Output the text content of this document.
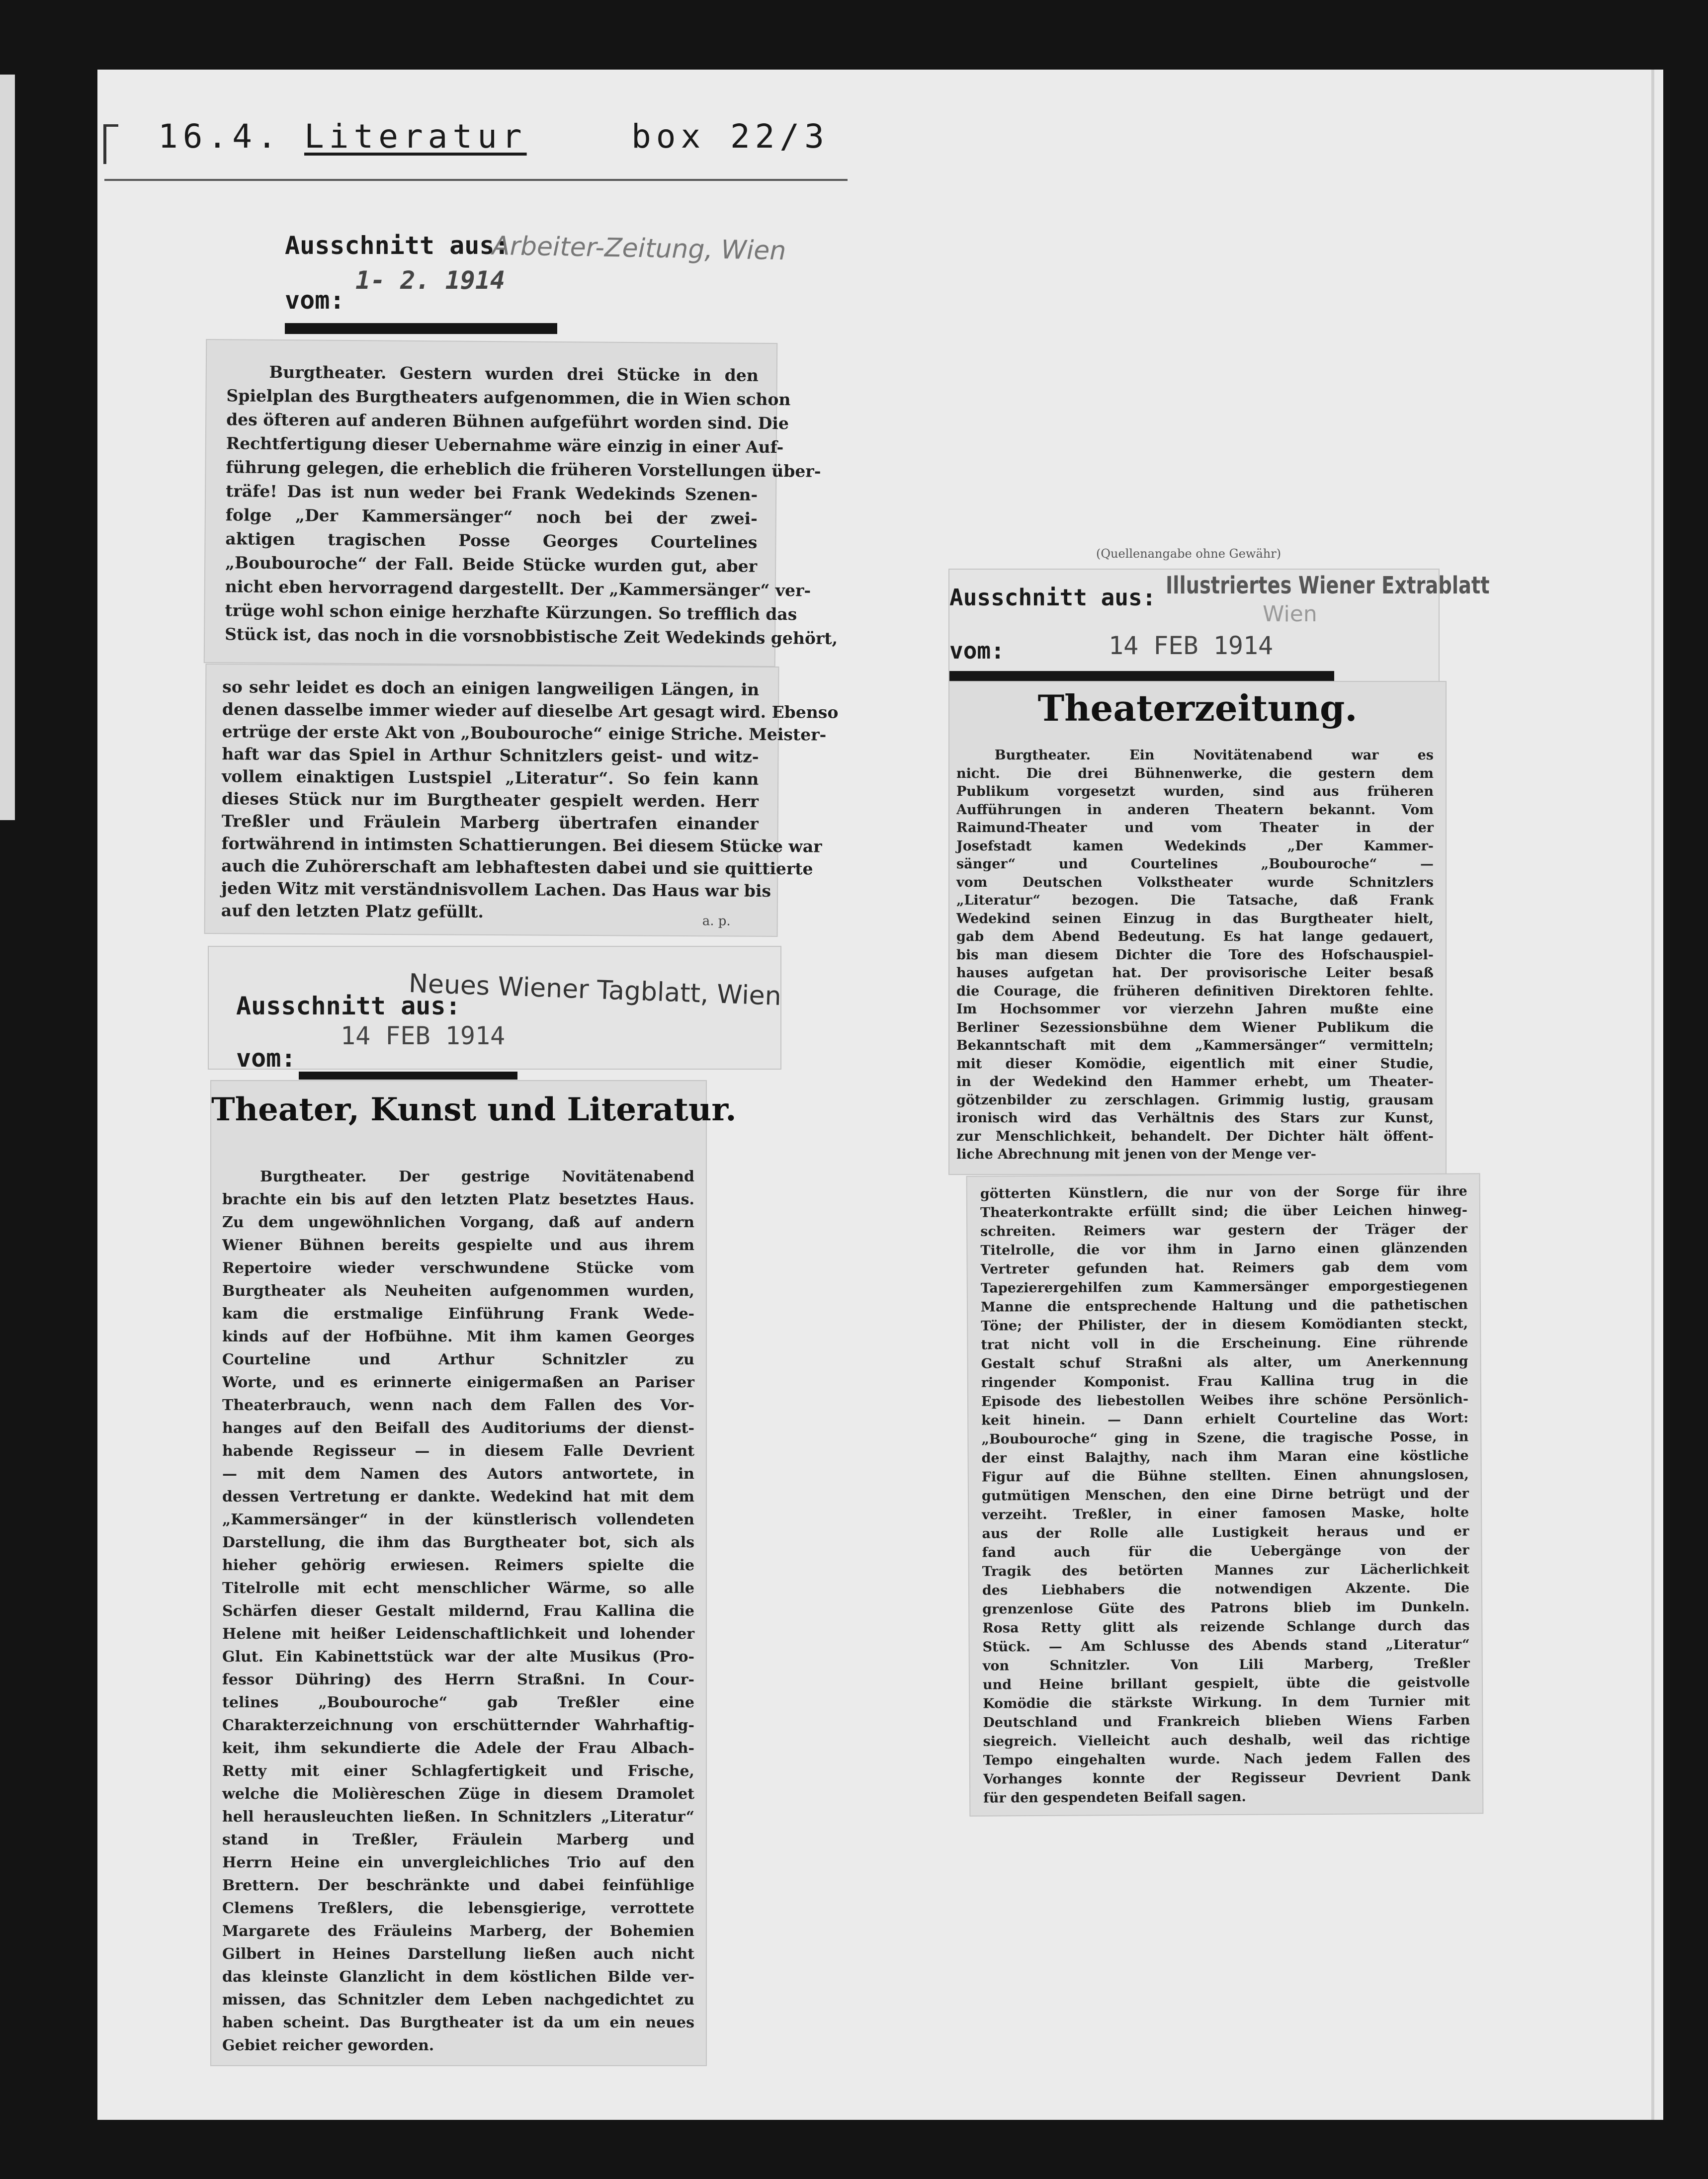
16.4. Literatur	box 22/3
Ausschnitt aus:
Arbeiter-Zeitung, Wien
vom:
1- 2. 1914
Burgtheater. Gestern wurden drei Stücke in den
Spielplan des Burgtheaters aufgenommen, die in Wien schon
des öfteren auf anderen Bühnen aufgeführt worden sind. Die
Rechtfertigung dieser Uebernahme wäre einzig in einer Auf-
führung gelegen, die erheblich die früheren Vorstellungen über-
träfe! Das ist nun weder bei Frank Wedekinds Szenen-
folge „Der Kammersänger“ noch bei der zwei-
aktigen tragischen Posse Georges Courtelines
„Boubouroche“ der Fall. Beide Stücke wurden gut, aber
nicht eben hervorragend dargestellt. Der „Kammersänger“ ver-
trüge wohl schon einige herzhafte Kürzungen. So trefflich das
Stück ist, das noch in die vorsnobbistische Zeit Wedekinds gehört,
so sehr leidet es doch an einigen langweiligen Längen, in
denen dasselbe immer wieder auf dieselbe Art gesagt wird. Ebenso
ertrüge der erste Akt von „Boubouroche“ einige Striche. Meister-
haft war das Spiel in Arthur Schnitzlers geist- und witz-
vollem einaktigen Lustspiel „Literatur“. So fein kann
dieses Stück nur im Burgtheater gespielt werden. Herr
Treßler und Fräulein Marberg übertrafen einander
fortwährend in intimsten Schattierungen. Bei diesem Stücke war
auch die Zuhörerschaft am lebhaftesten dabei und sie quittierte
jeden Witz mit verständnisvollem Lachen. Das Haus war bis
auf den letzten Platz gefüllt.	a. p.
Neues Wiener Tagblatt, Wien
Ausschnitt aus:
14 FEB 1914
vom:
Theater, Kunst und Literatur.
Burgtheater. Der gestrige Novitätenabend
brachte ein bis auf den letzten Platz besetztes Haus.
Zu dem ungewöhnlichen Vorgang, daß auf andern
Wiener Bühnen bereits gespielte und aus ihrem
Repertoire wieder verschwundene Stücke vom
Burgtheater als Neuheiten aufgenommen wurden,
kam die erstmalige Einführung Frank Wede-
kinds auf der Hofbühne. Mit ihm kamen Georges
Courteline und Arthur Schnitzler zu
Worte, und es erinnerte einigermaßen an Pariser
Theaterbrauch, wenn nach dem Fallen des Vor-
hanges auf den Beifall des Auditoriums der dienst-
habende Regisseur — in diesem Falle Devrient
— mit dem Namen des Autors antwortete, in
dessen Vertretung er dankte. Wedekind hat mit dem
„Kammersänger“ in der künstlerisch vollendeten
Darstellung, die ihm das Burgtheater bot, sich als
hieher gehörig erwiesen. Reimers spielte die
Titelrolle mit echt menschlicher Wärme, so alle
Schärfen dieser Gestalt mildernd, Frau Kallina die
Helene mit heißer Leidenschaftlichkeit und lohender
Glut. Ein Kabinettstück war der alte Musikus (Pro-
fessor Dühring) des Herrn Straßni. In Cour-
telines „Boubouroche“ gab Treßler eine
Charakterzeichnung von erschütternder Wahrhaftig-
keit, ihm sekundierte die Adele der Frau Albach-
Retty mit einer Schlagfertigkeit und Frische,
welche die Molièreschen Züge in diesem Dramolet
hell herausleuchten ließen. In Schnitzlers „Literatur“
stand in Treßler, Fräulein Marberg und
Herrn Heine ein unvergleichliches Trio auf den
Brettern. Der beschränkte und dabei feinfühlige
Clemens Treßlers, die lebensgierige, verrottete
Margarete des Fräuleins Marberg, der Bohemien
Gilbert in Heines Darstellung ließen auch nicht
das kleinste Glanzlicht in dem köstlichen Bilde ver-
missen, das Schnitzler dem Leben nachgedichtet zu
haben scheint. Das Burgtheater ist da um ein neues
Gebiet reicher geworden.
(Quellenangabe ohne Gewähr)
Ausschnitt aus: Illustriertes Wiener Extrablatt
Wien
vom:	14 FEB 1914
Theaterzeitung.
Burgtheater. Ein Novitätenabend war es
nicht. Die drei Bühnenwerke, die gestern dem
Publikum vorgesetzt wurden, sind aus früheren
Aufführungen in anderen Theatern bekannt. Vom
Raimund-Theater und vom Theater in der
Josefstadt kamen Wedekinds „Der Kammer-
sänger“ und Courtelines „Boubouroche“ —
vom Deutschen Volkstheater wurde Schnitzlers
„Literatur“ bezogen. Die Tatsache, daß Frank
Wedekind seinen Einzug in das Burgtheater hielt,
gab dem Abend Bedeutung. Es hat lange gedauert,
bis man diesem Dichter die Tore des Hofschauspiel-
hauses aufgetan hat. Der provisorische Leiter besaß
die Courage, die früheren definitiven Direktoren fehlte.
Im Hochsommer vor vierzehn Jahren mußte eine
Berliner Sezessionsbühne dem Wiener Publikum die
Bekanntschaft mit dem „Kammersänger“ vermitteln;
mit dieser Komödie, eigentlich mit einer Studie,
in der Wedekind den Hammer erhebt, um Theater-
götzenbilder zu zerschlagen. Grimmig lustig, grausam
ironisch wird das Verhältnis des Stars zur Kunst,
zur Menschlichkeit, behandelt. Der Dichter hält öffent-
liche Abrechnung mit jenen von der Menge ver-
götterten Künstlern, die nur von der Sorge für ihre
Theaterkontrakte erfüllt sind; die über Leichen hinweg-
schreiten. Reimers war gestern der Träger der
Titelrolle, die vor ihm in Jarno einen glänzenden
Vertreter gefunden hat. Reimers gab dem vom
Tapezierergehilfen zum Kammersänger emporgestiegenen
Manne die entsprechende Haltung und die pathetischen
Töne; der Philister, der in diesem Komödianten steckt,
trat nicht voll in die Erscheinung. Eine rührende
Gestalt schuf Straßni als alter, um Anerkennung
ringender Komponist. Frau Kallina trug in die
Episode des liebestollen Weibes ihre schöne Persönlich-
keit hinein. — Dann erhielt Courteline das Wort:
„Boubouroche“ ging in Szene, die tragische Posse, in
der einst Balajthy, nach ihm Maran eine köstliche
Figur auf die Bühne stellten. Einen ahnungslosen,
gutmütigen Menschen, den eine Dirne betrügt und der
verzeiht. Treßler, in einer famosen Maske, holte
aus der Rolle alle Lustigkeit heraus und er
fand auch für die Uebergänge von der
Tragik des betörten Mannes zur Lächerlichkeit
des Liebhabers die notwendigen Akzente. Die
grenzenlose Güte des Patrons blieb im Dunkeln.
Rosa Retty glitt als reizende Schlange durch das
Stück. — Am Schlusse des Abends stand „Literatur“
von Schnitzler. Von Lili Marberg, Treßler
und Heine brillant gespielt, übte die geistvolle
Komödie die stärkste Wirkung. In dem Turnier mit
Deutschland und Frankreich blieben Wiens Farben
siegreich. Vielleicht auch deshalb, weil das richtige
Tempo eingehalten wurde. Nach jedem Fallen des
Vorhanges konnte der Regisseur Devrient Dank
für den gespendeten Beifall sagen.
